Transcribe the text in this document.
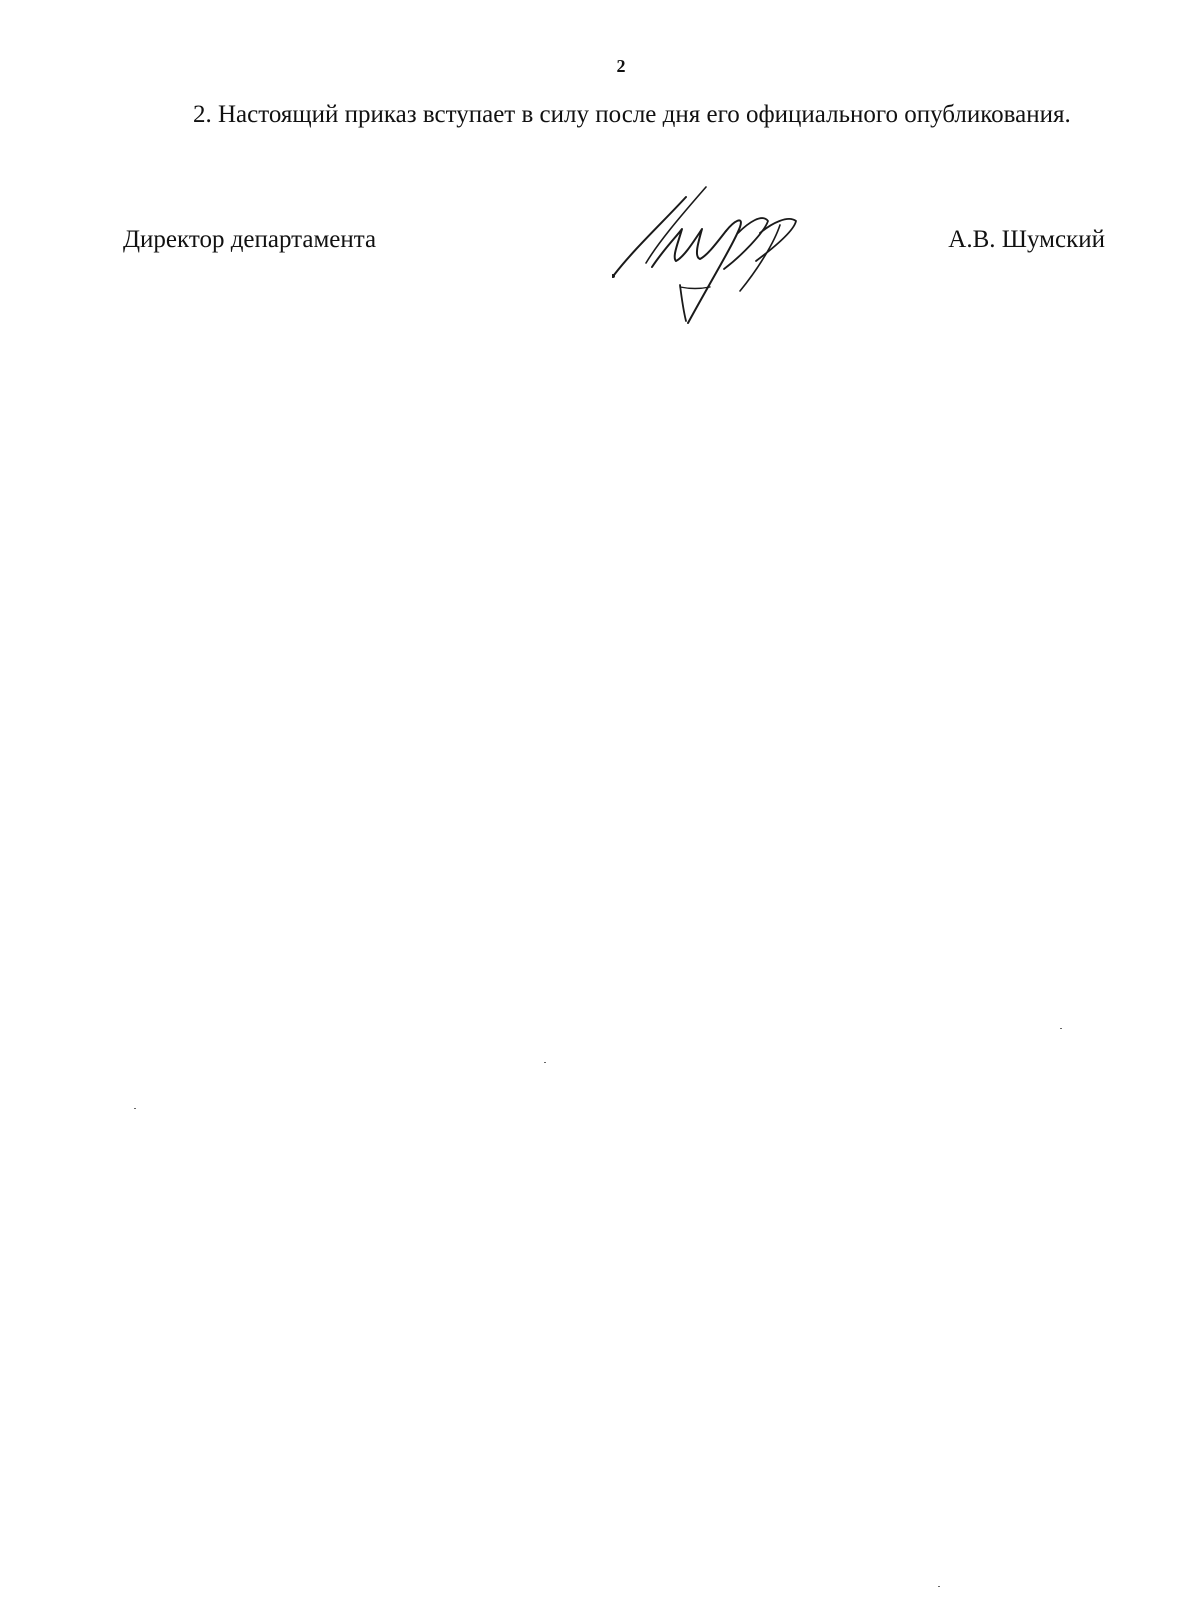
2

2. Настоящий приказ вступает в силу после дня его официального опубликования.

Директор департамента	А.В. Шумский
